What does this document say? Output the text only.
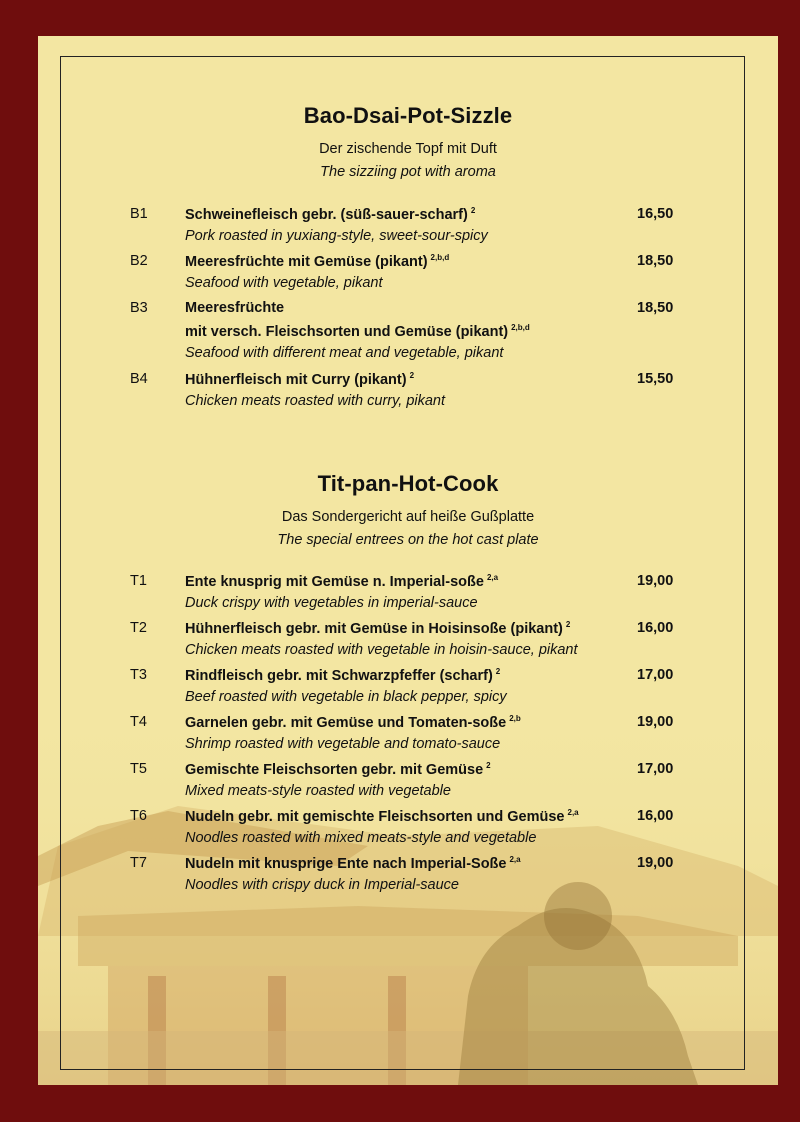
Bao-Dsai-Pot-Sizzle
Der zischende Topf mit Duft
The sizziing pot with aroma
B1	Schweinefleisch gebr. (süß-sauer-scharf) $^2$	16,50
Pork roasted in yuxiang-style, sweet-sour-spicy
B2	Meeresfrüchte mit Gemüse (pikant) $^{2,b,d}$	18,50
Seafood with vegetable, pikant
B3	Meeresfrüchte	18,50
mit versch. Fleischsorten und Gemüse (pikant) $^{2,b,d}$
Seafood with different meat and vegetable, pikant
B4	Hühnerfleisch mit Curry (pikant) $^2$	15,50
Chicken meats roasted with curry, pikant
Tit-pan-Hot-Cook
Das Sondergericht auf heiße Gußplatte
The special entrees on the hot cast plate
T1	Ente knusprig mit Gemüse n. Imperial-soße $^{2,a}$	19,00
Duck crispy with vegetables in imperial-sauce
T2	Hühnerfleisch gebr. mit Gemüse in Hoisinsoße (pikant) $^2$	16,00
Chicken meats roasted with vegetable in hoisin-sauce, pikant
T3	Rindfleisch gebr. mit Schwarzpfeffer (scharf) $^2$	17,00
Beef roasted with vegetable in black pepper, spicy
T4	Garnelen gebr. mit Gemüse und Tomaten-soße $^{2,b}$	19,00
Shrimp roasted with vegetable and tomato-sauce
T5	Gemischte Fleischsorten gebr. mit Gemüse $^2$	17,00
Mixed meats-style roasted with vegetable
T6	Nudeln gebr. mit gemischte Fleischsorten und Gemüse $^{2,a}$	16,00
Noodles roasted with mixed meats-style and vegetable
T7	Nudeln mit knusprige Ente nach Imperial-Soße $^{2,a}$	19,00
Noodles with crispy duck in Imperial-sauce
